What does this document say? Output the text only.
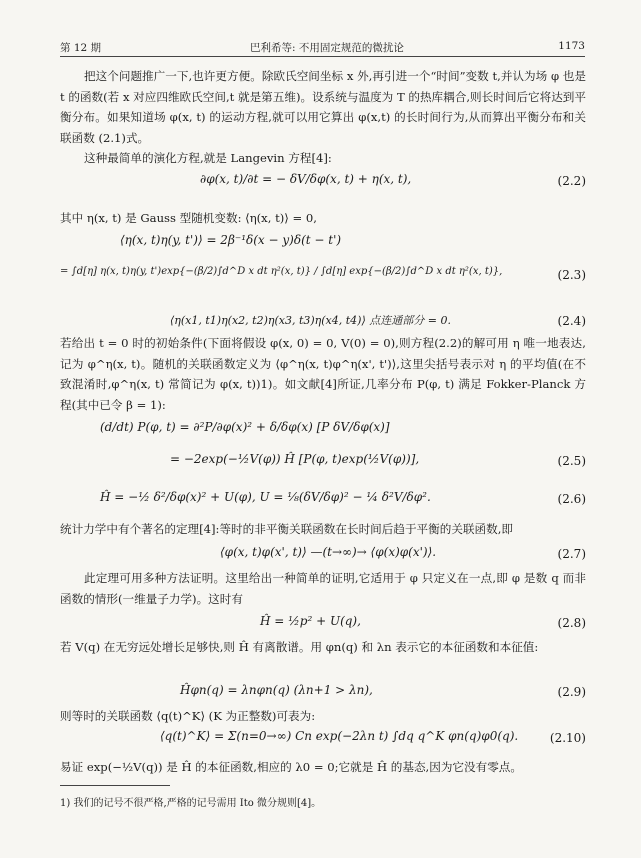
第 12 期	巴利希等: 不用固定规范的微扰论	1173
把这个问题推广一下,也许更方便。除欧氏空间坐标 x 外,再引进一个“时间”变数 t,并认为场 φ 也是 t 的函数(若 x 对应四维欧氏空间,t 就是第五维)。设系统与温度为 T 的热库耦合,则长时间后它将达到平衡分布。如果知道场 φ(x, t) 的运动方程,就可以用它算出 φ(x,t) 的长时间行为,从而算出平衡分布和关联函数 (2.1)式。
这种最简单的演化方程,就是 Langevin 方程[4]:
∂φ(x, t)/∂t = − δV/δφ(x, t) + η(x, t),	(2.2)
其中 η(x, t) 是 Gauss 型随机变数: ⟨η(x, t)⟩ = 0,
⟨η(x, t)η(y, t')⟩ = 2β⁻¹δ(x − y)δ(t − t')
= ∫d[η] η(x, t)η(y, t')exp{−(β/2)∫d^D x dt η²(x, t)} / ∫d[η] exp{−(β/2)∫d^D x dt η²(x, t)},	(2.3)
⟨η(x1, t1)η(x2, t2)η(x3, t3)η(x4, t4)⟩ 点连通部分 = 0.	(2.4)
若给出 t = 0 时的初始条件(下面将假设 φ(x, 0) = 0, V(0) = 0),则方程(2.2)的解可用 η 唯一地表达,记为 φ^η(x, t)。随机的关联函数定义为 ⟨φ^η(x, t)φ^η(x', t')⟩,这里尖括号表示对 η 的平均值(在不致混淆时,φ^η(x, t) 常简记为 φ(x, t))1)。如文献[4]所证,几率分布 P(φ, t) 满足 Fokker-Planck 方程(其中已令 β = 1):
(d/dt) P(φ, t) = ∂²P/∂φ(x)² + δ/δφ(x) [P δV/δφ(x)]
= −2exp(−½V(φ)) Ĥ [P(φ, t)exp(½V(φ))],	(2.5)
Ĥ = −½ δ²/δφ(x)² + U(φ), U = ⅛(δV/δφ)² − ¼ δ²V/δφ².	(2.6)
统计力学中有个著名的定理[4]:等时的非平衡关联函数在长时间后趋于平衡的关联函数,即
⟨φ(x, t)φ(x', t)⟩ —(t→∞)→ ⟨φ(x)φ(x')⟩.	(2.7)
此定理可用多种方法证明。这里给出一种简单的证明,它适用于 φ 只定义在一点,即 φ 是数 q 而非函数的情形(一维量子力学)。这时有
Ĥ = ½p² + U(q),	(2.8)
若 V(q) 在无穷远处增长足够快,则 Ĥ 有离散谱。用 φn(q) 和 λn 表示它的本征函数和本征值:
Ĥφn(q) = λnφn(q) (λn+1 > λn),	(2.9)
则等时的关联函数 ⟨q(t)^K⟩ (K 为正整数)可表为:
⟨q(t)^K⟩ = Σ(n=0→∞) Cn exp(−2λn t) ∫dq q^K φn(q)φ0(q).	(2.10)
易证 exp(−½V(q)) 是 Ĥ 的本征函数,相应的 λ0 = 0;它就是 Ĥ 的基态,因为它没有零点。
1) 我们的记号不很严格,严格的记号需用 Ito 微分规则[4]。
